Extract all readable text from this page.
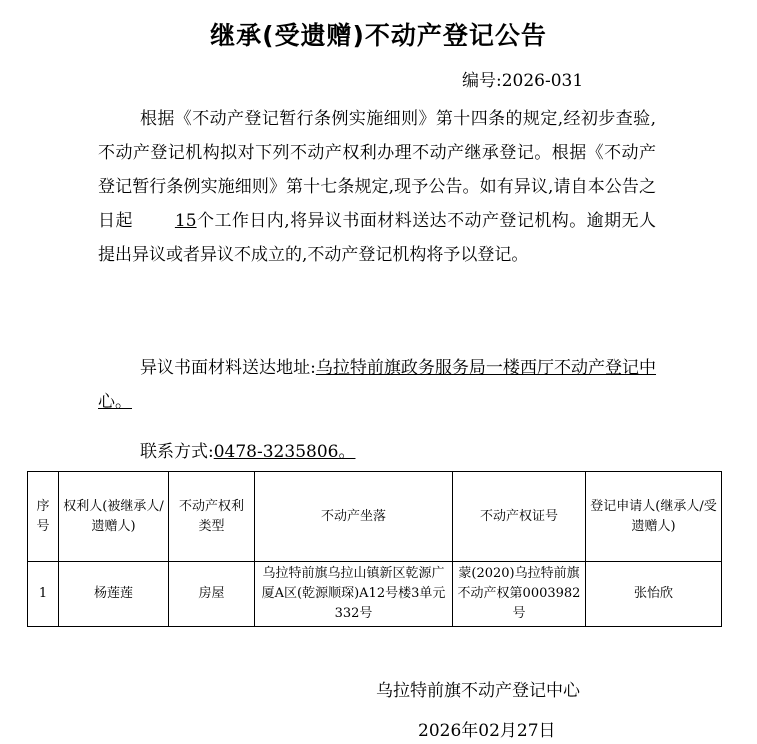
继承(受遗赠)不动产登记公告
编号:2026-031
根据《不动产登记暂行条例实施细则》第十四条的规定,经初步查验,不动产登记机构拟对下列不动产权利办理不动产继承登记。根据《不动产登记暂行条例实施细则》第十七条规定,现予公告。如有异议,请自本公告之日起 15个工作日内,将异议书面材料送达不动产登记机构。逾期无人提出异议或者异议不成立的,不动产登记机构将予以登记。
异议书面材料送达地址:乌拉特前旗政务服务局一楼西厅不动产登记中心。
联系方式:0478-3235806。
序号	权利人(被继承人/遗赠人)	不动产权利类型	不动产坐落	不动产权证号	登记申请人(继承人/受遗赠人)
1	杨莲莲	房屋	乌拉特前旗乌拉山镇新区乾源广厦A区(乾源顺琛)A12号楼3单元332号	蒙(2020)乌拉特前旗不动产权第0003982号	张怡欣
乌拉特前旗不动产登记中心
2026年02月27日
